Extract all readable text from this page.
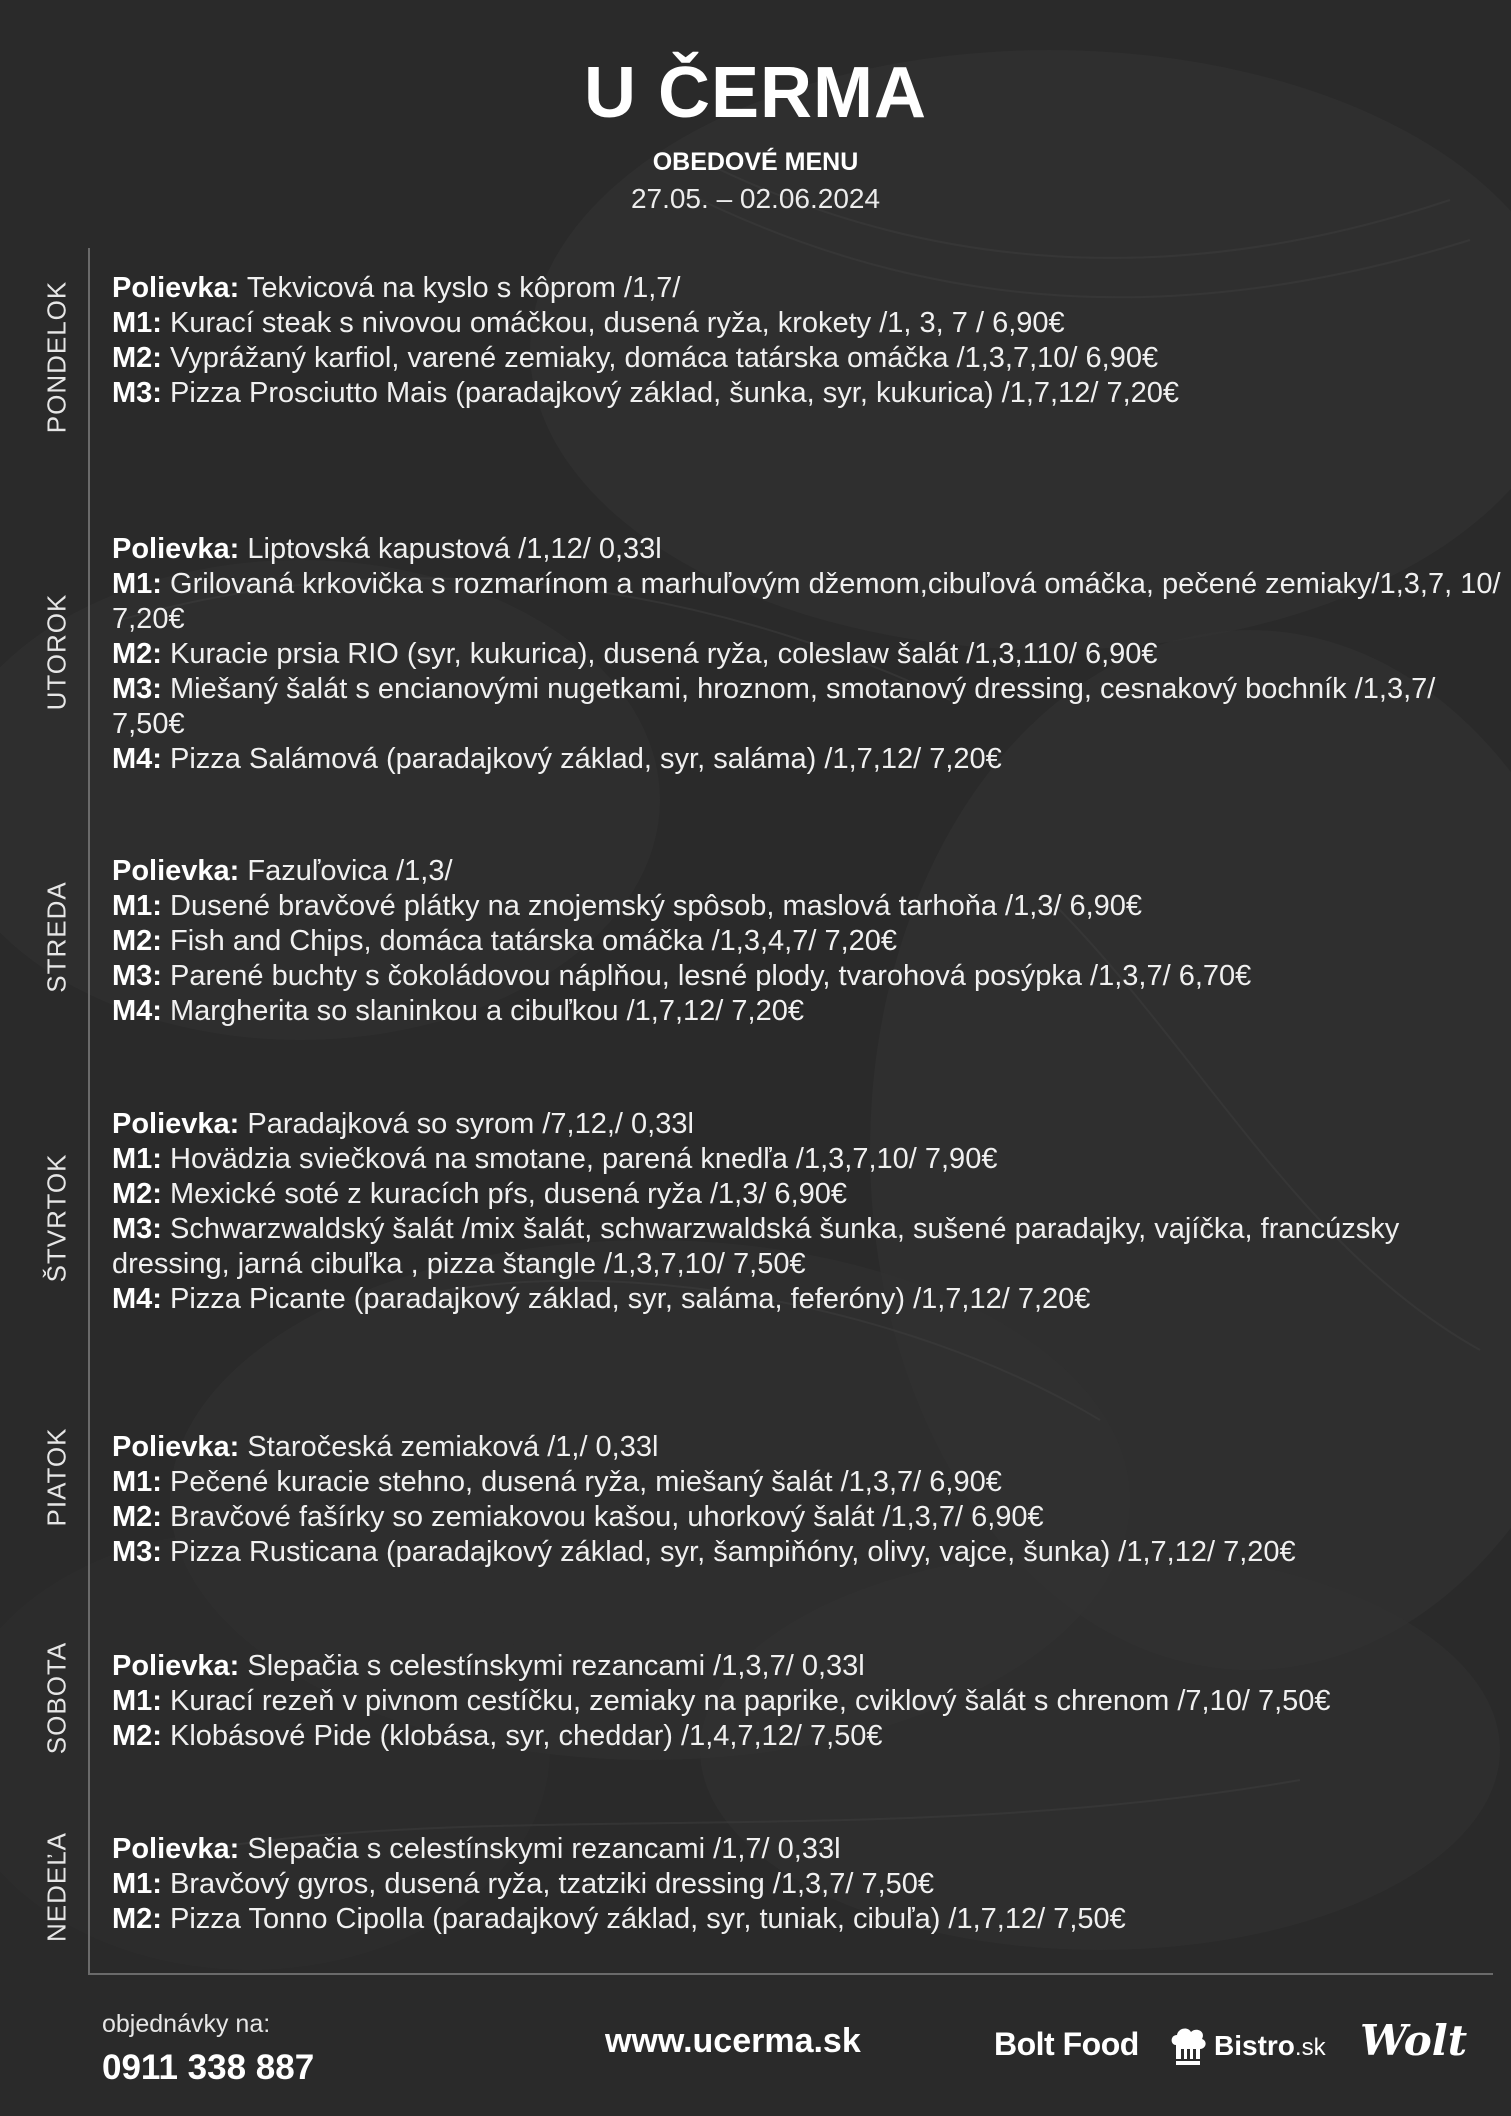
U ČERMA
OBEDOVÉ MENU
27.05. – 02.06.2024
PONDELOK Polievka: Tekvicová na kyslo s kôprom /1,7/

M1: Kurací steak s nivovou omáčkou, dusená ryža, krokety /1, 3, 7 / 6,90€

M2: Vyprážaný karfiol, varené zemiaky, domáca tatárska omáčka /1,3,7,10/ 6,90€

M3: Pizza Prosciutto Mais (paradajkový základ, šunka, syr, kukurica) /1,7,12/ 7,20€

UTOROK

Polievka: Liptovská kapustová /1,12/ 0,33l

M1: Grilovaná krkovička s rozmarínom a marhuľovým džemom,cibuľová omáčka, pečené zemiaky/1,3,7, 10/ 7,20€

M2: Kuracie prsia RIO (syr, kukurica), dusená ryža, coleslaw šalát /1,3,110/ 6,90€

M3: Miešaný šalát s encianovými nugetkami, hroznom, smotanový dressing, cesnakový bochník /1,3,7/ 7,50€

M4: Pizza Salámová (paradajkový základ, syr, saláma) /1,7,12/ 7,20€

STREDA

Polievka: Fazuľovica /1,3/

M1: Dusené bravčové plátky na znojemský spôsob, maslová tarhoňa /1,3/ 6,90€

M2: Fish and Chips, domáca tatárska omáčka /1,3,4,7/ 7,20€

M3: Parené buchty s čokoládovou náplňou, lesné plody, tvarohová posýpka /1,3,7/ 6,70€

M4: Margherita so slaninkou a cibuľkou /1,7,12/ 7,20€

ŠTVRTOK

Polievka: Paradajková so syrom /7,12,/ 0,33l

M1: Hovädzia sviečková na smotane, parená knedľa /1,3,7,10/ 7,90€

M2: Mexické soté z kuracích pŕs, dusená ryža /1,3/ 6,90€

M3: Schwarzwaldský šalát /mix šalát, schwarzwaldská šunka, sušené paradajky, vajíčka, francúzsky dressing, jarná cibuľka , pizza štangle /1,3,7,10/ 7,50€

M4: Pizza Picante (paradajkový základ, syr, saláma, feferóny) /1,7,12/ 7,20€

PIATOK Polievka: Staročeská zemiaková /1,/ 0,33l

M1: Pečené kuracie stehno, dusená ryža, miešaný šalát /1,3,7/ 6,90€

M2: Bravčové fašírky so zemiakovou kašou, uhorkový šalát /1,3,7/ 6,90€

M3: Pizza Rusticana (paradajkový základ, syr, šampiňóny, olivy, vajce, šunka) /1,7,12/ 7,20€

SOBOTA Polievka: Slepačia s celestínskymi rezancami /1,3,7/ 0,33l

M1: Kurací rezeň v pivnom cestíčku, zemiaky na paprike, cviklový šalát s chrenom /7,10/ 7,50€

M2: Klobásové Pide (klobása, syr, cheddar) /1,4,7,12/ 7,50€

NEDEĽA Polievka: Slepačia s celestínskymi rezancami /1,7/ 0,33l

M1: Bravčový gyros, dusená ryža, tzatziki dressing /1,3,7/ 7,50€

M2: Pizza Tonno Cipolla (paradajkový základ, syr, tuniak, cibuľa) /1,7,12/ 7,50€

objednávky na:
0911 338 887
www.ucerma.sk	Bolt Food	Bistro.sk Wolt
